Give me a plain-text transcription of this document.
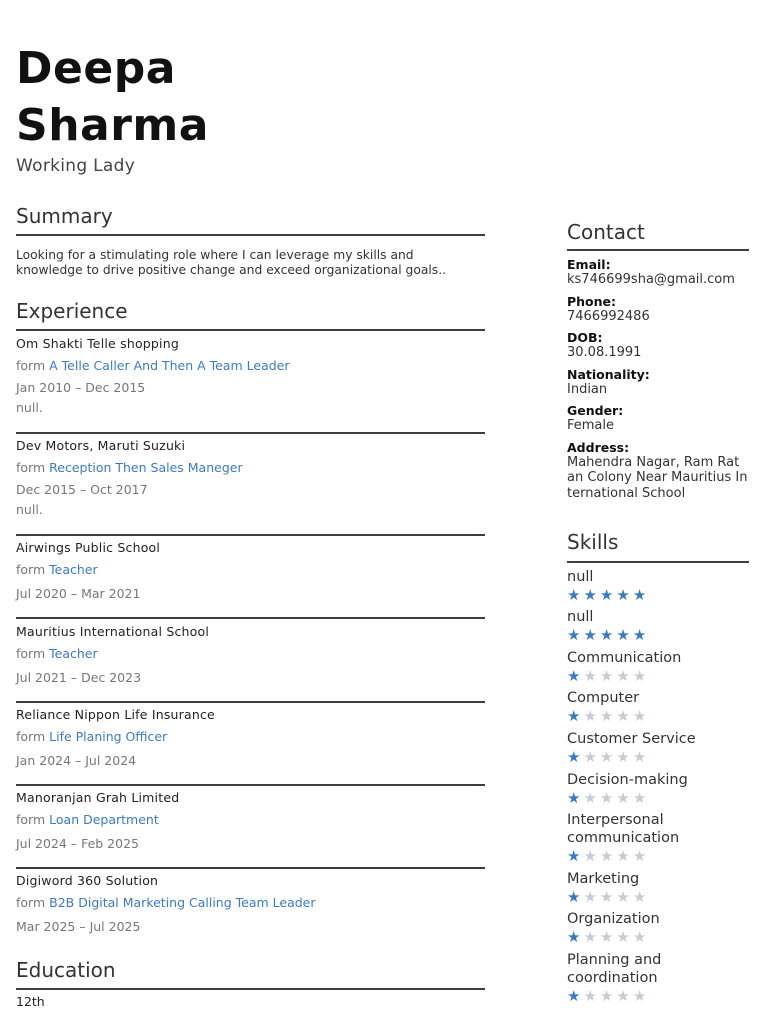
Deepa
Sharma
Working Lady
Summary
Looking for a stimulating role where I can leverage my skills and knowledge to drive positive change and exceed organizational goals..
Experience
Om Shakti Telle shopping
form A Telle Caller And Then A Team Leader
Jan 2010 – Dec 2015
null.
Dev Motors, Maruti Suzuki
form Reception Then Sales Maneger
Dec 2015 – Oct 2017
null.
Airwings Public School
form Teacher
Jul 2020 – Mar 2021
Mauritius International School
form Teacher
Jul 2021 – Dec 2023
Reliance Nippon Life Insurance
form Life Planing Officer
Jan 2024 – Jul 2024
Manoranjan Grah Limited
form Loan Department
Jul 2024 – Feb 2025
Digiword 360 Solution
form B2B Digital Marketing Calling Team Leader
Mar 2025 – Jul 2025
Education
12th
Contact
Email:
ks746699sha@gmail.com
Phone:
7466992486
DOB:
30.08.1991
Nationality:
Indian
Gender:
Female
Address:
Mahendra Nagar, Ram Rat an Colony Near Mauritius In ternational School
Skills
null
★★★★★
null
★★★★★
Communication
★★★★★
Computer
★★★★★
Customer Service
★★★★★
Decision-making
★★★★★
Interpersonal communication
★★★★★
Marketing
★★★★★
Organization
★★★★★
Planning and coordination
★★★★★
